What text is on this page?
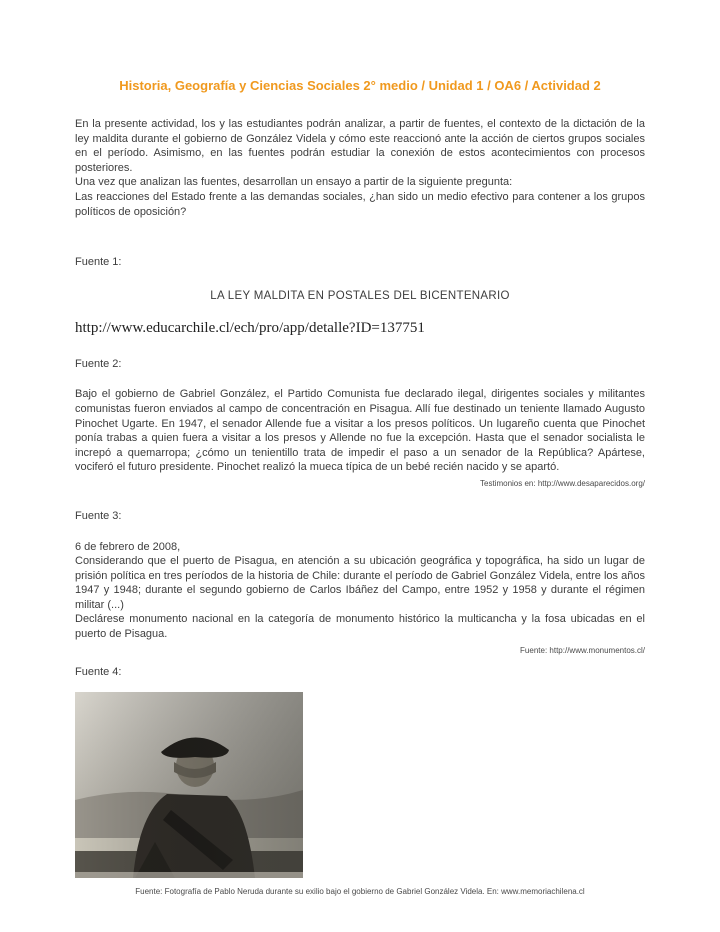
Historia, Geografía y Ciencias Sociales 2° medio / Unidad 1 / OA6 / Actividad 2

En la presente actividad, los y las estudiantes podrán analizar, a partir de fuentes, el contexto de la dictación de la ley maldita durante el gobierno de González Videla y cómo este reaccionó ante la acción de ciertos grupos sociales en el período. Asimismo, en las fuentes podrán estudiar la conexión de estos acontecimientos con procesos posteriores.

Una vez que analizan las fuentes, desarrollan un ensayo a partir de la siguiente pregunta:

Las reacciones del Estado frente a las demandas sociales, ¿han sido un medio efectivo para contener a los grupos políticos de oposición?

Fuente 1:

LA LEY MALDITA EN POSTALES DEL BICENTENARIO

http://www.educarchile.cl/ech/pro/app/detalle?ID=137751

Fuente 2:

Bajo el gobierno de Gabriel González, el Partido Comunista fue declarado ilegal, dirigentes sociales y militantes comunistas fueron enviados al campo de concentración en Pisagua. Allí fue destinado un teniente llamado Augusto Pinochet Ugarte. En 1947, el senador Allende fue a visitar a los presos políticos. Un lugareño cuenta que Pinochet ponía trabas a quien fuera a visitar a los presos y Allende no fue la excepción. Hasta que el senador socialista le increpó a quemarropa; ¿cómo un tenientillo trata de impedir el paso a un senador de la República? Apártese, vociferó el futuro presidente. Pinochet realizó la mueca típica de un bebé recién nacido y se apartó.

Testimonios en: http://www.desaparecidos.org/

Fuente 3:

6 de febrero de 2008,

Considerando que el puerto de Pisagua, en atención a su ubicación geográfica y topográfica, ha sido un lugar de prisión política en tres períodos de la historia de Chile: durante el período de Gabriel González Videla, entre los años 1947 y 1948; durante el segundo gobierno de Carlos Ibáñez del Campo, entre 1952 y 1958 y durante el régimen militar (...)

Declárese monumento nacional en la categoría de monumento histórico la multicancha y la fosa ubicadas en el puerto de Pisagua.

Fuente: http://www.monumentos.cl/

Fuente 4:

Fuente: Fotografía de Pablo Neruda durante su exilio bajo el gobierno de Gabriel González Videla. En: www.memoriachilena.cl
